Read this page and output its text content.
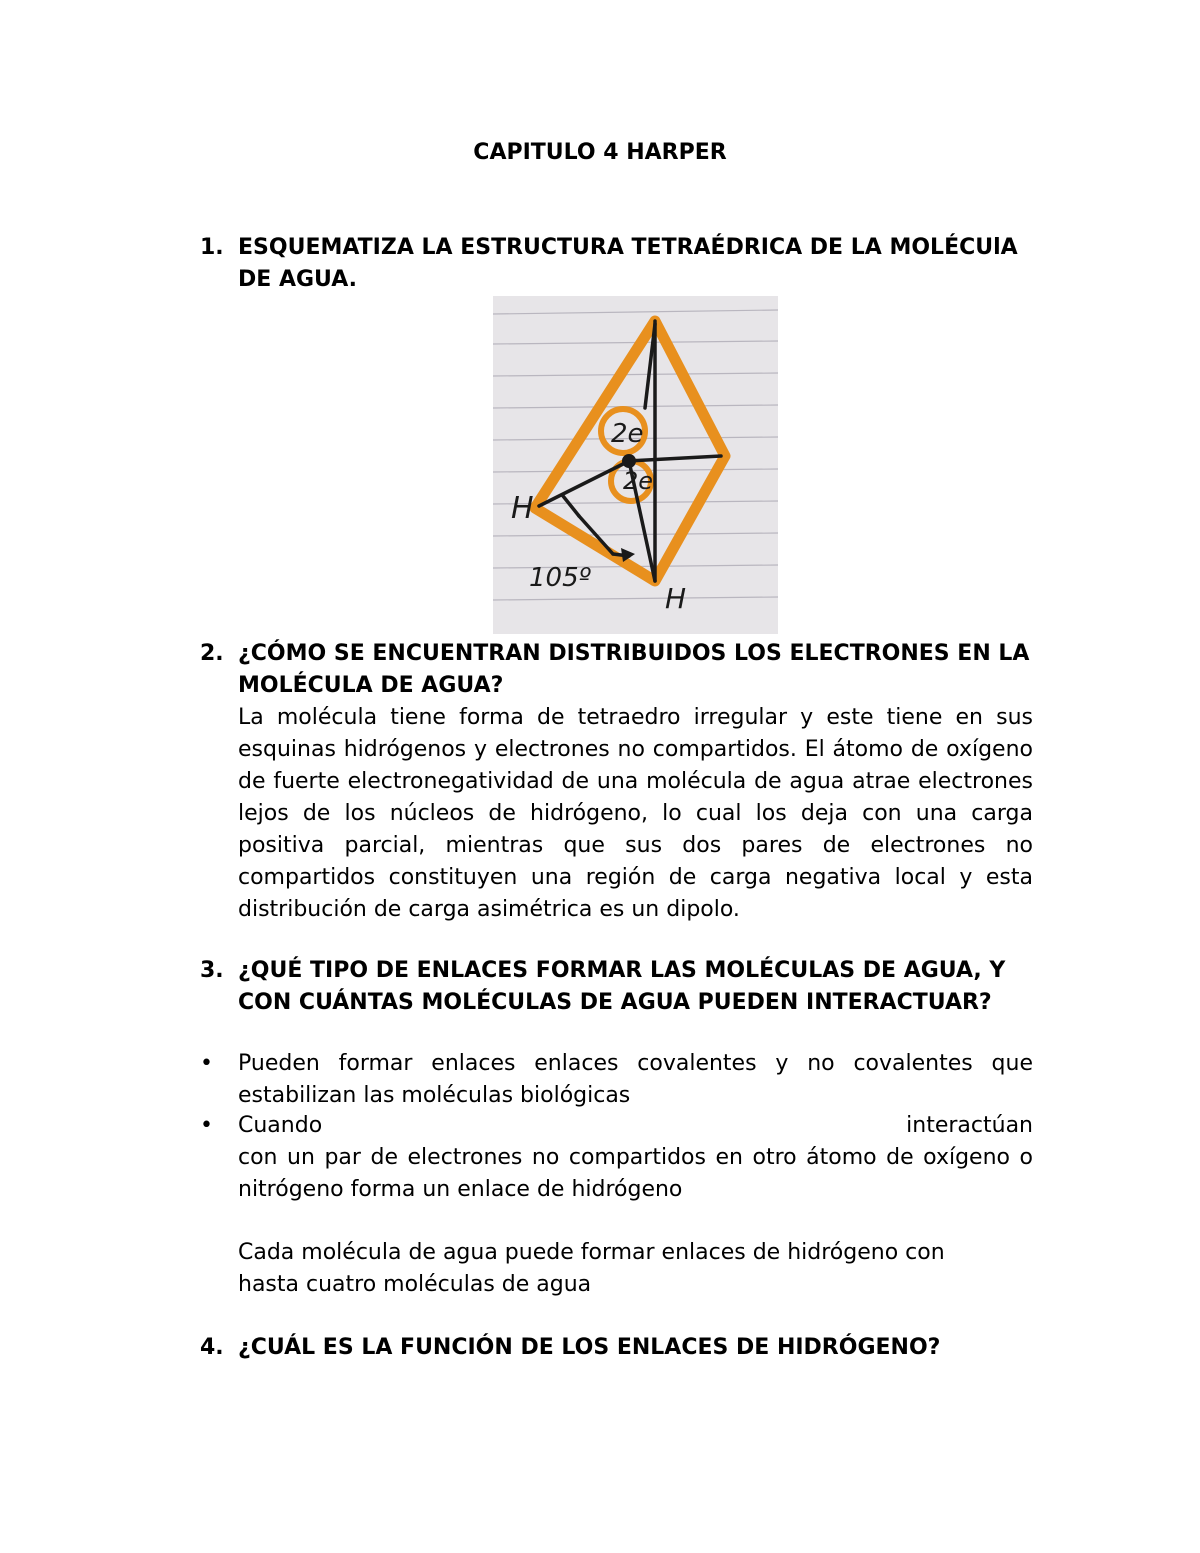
CAPITULO 4 HARPER
1. ESQUEMATIZA LA ESTRUCTURA TETRAÉDRICA DE LA MOLÉCUlA DE AGUA.
2e
2e
H
H
105º
2. ¿CÓMO SE ENCUENTRAN DISTRIBUIDOS LOS ELECTRONES EN LA MOLÉCULA DE AGUA?
La molécula tiene forma de tetraedro irregular y este tiene en sus esquinas hidrógenos y electrones no compartidos. El átomo de oxígeno de fuerte electronegatividad de una molécula de agua atrae electrones lejos de los núcleos de hidrógeno, lo cual los deja con una carga positiva parcial, mientras que sus dos pares de electrones no compartidos constituyen una región de carga negativa local y esta distribución de carga asimétrica es un dipolo.
3. ¿QUÉ TIPO DE ENLACES FORMAR LAS MOLÉCULAS DE AGUA, Y CON CUÁNTAS MOLÉCULAS DE AGUA PUEDEN INTERACTUAR?
•	Pueden formar enlaces enlaces covalentes y no covalentes que estabilizan las moléculas biológicas
•	Cuando	interactúan
con un par de electrones no compartidos en otro átomo de oxígeno o nitrógeno forma un enlace de hidrógeno
Cada molécula de agua puede formar enlaces de hidrógeno con hasta cuatro moléculas de agua
4. ¿CUÁL ES LA FUNCIÓN DE LOS ENLACES DE HIDRÓGENO?
